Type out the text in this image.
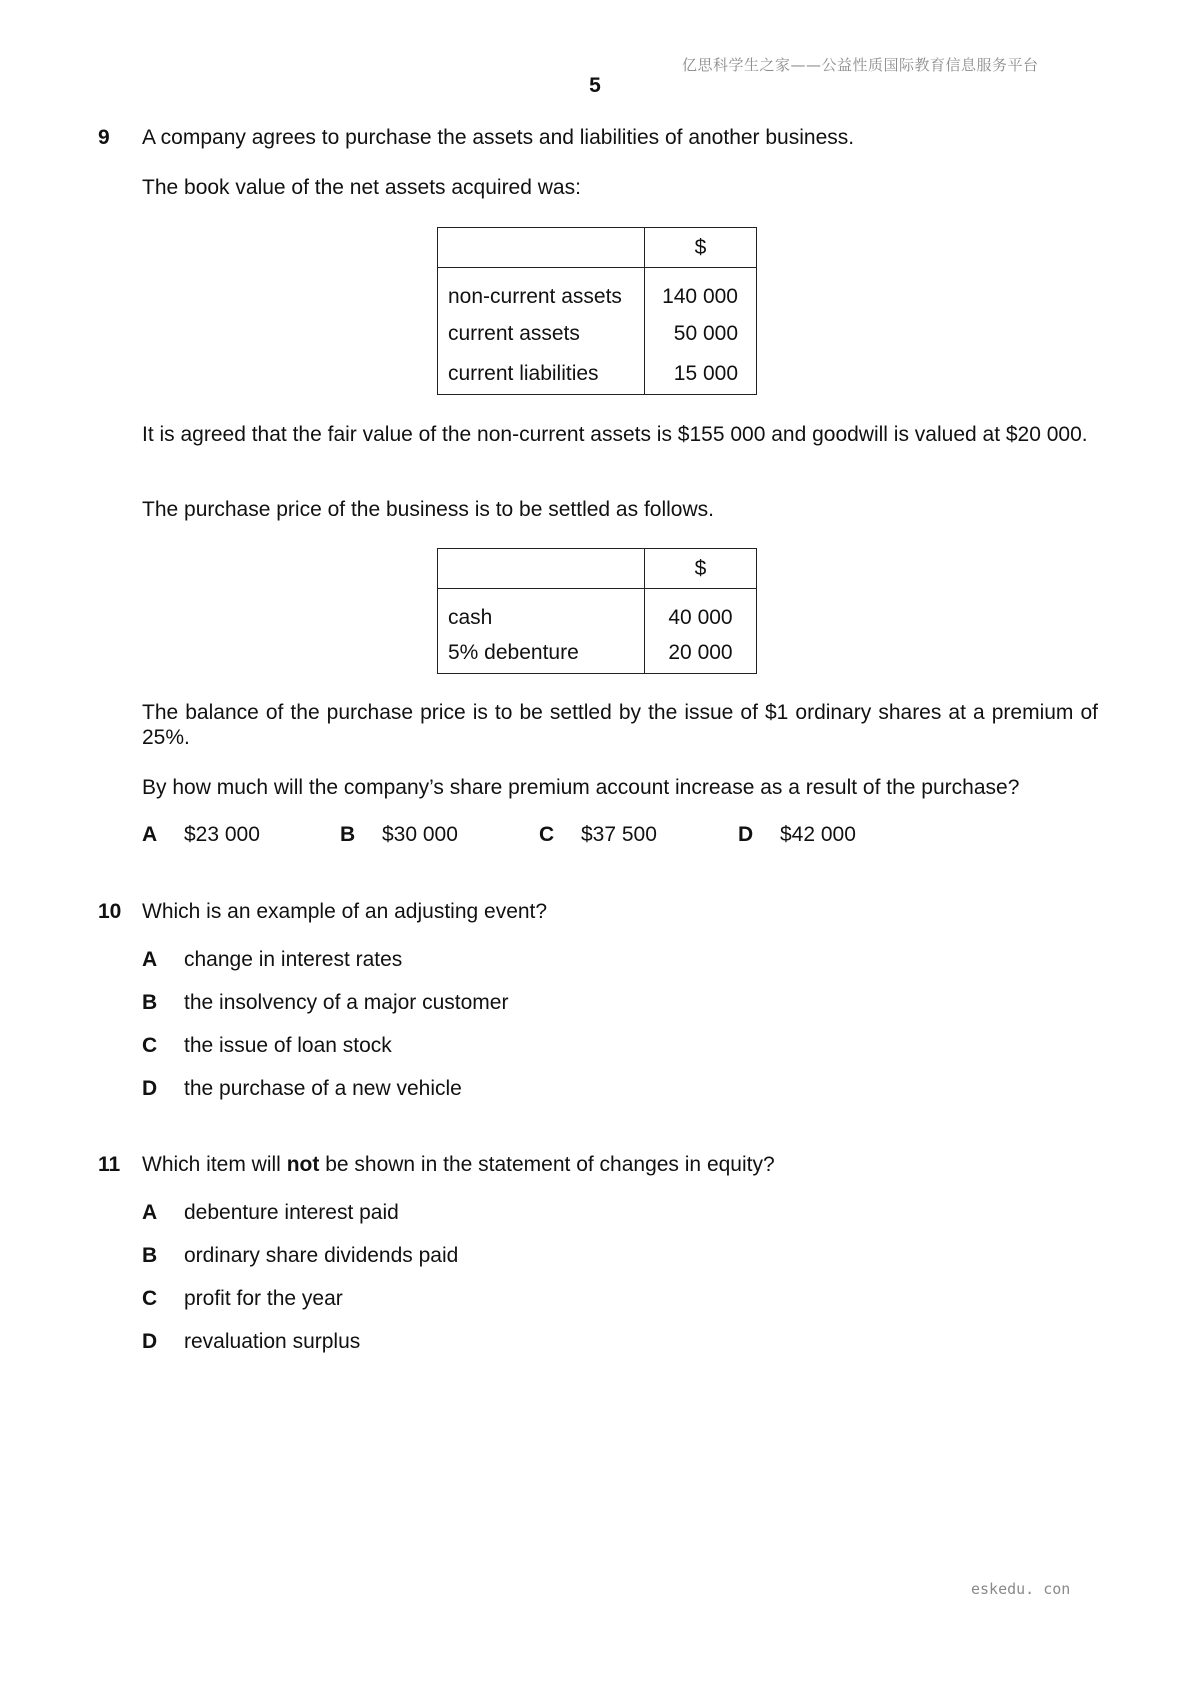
亿思科学生之家——公益性质国际教育信息服务平台
5
9 A company agrees to purchase the assets and liabilities of another business.
The book value of the net assets acquired was:
	$
non-current assets	140 000
current assets	50 000
current liabilities	15 000
It is agreed that the fair value of the non-current assets is $155 000 and goodwill is valued at $20 000.
The purchase price of the business is to be settled as follows.
	$
cash	40 000
5% debenture	20 000
The balance of the purchase price is to be settled by the issue of $1 ordinary shares at a premium of 25%.
By how much will the company’s share premium account increase as a result of the purchase?
A $23 000	B $30 000	C $37 500	D $42 000
10 Which is an example of an adjusting event?
A change in interest rates
B the insolvency of a major customer
C the issue of loan stock
D the purchase of a new vehicle
11 Which item will not be shown in the statement of changes in equity?
A debenture interest paid
B ordinary share dividends paid
C profit for the year
D revaluation surplus
eskedu. con
